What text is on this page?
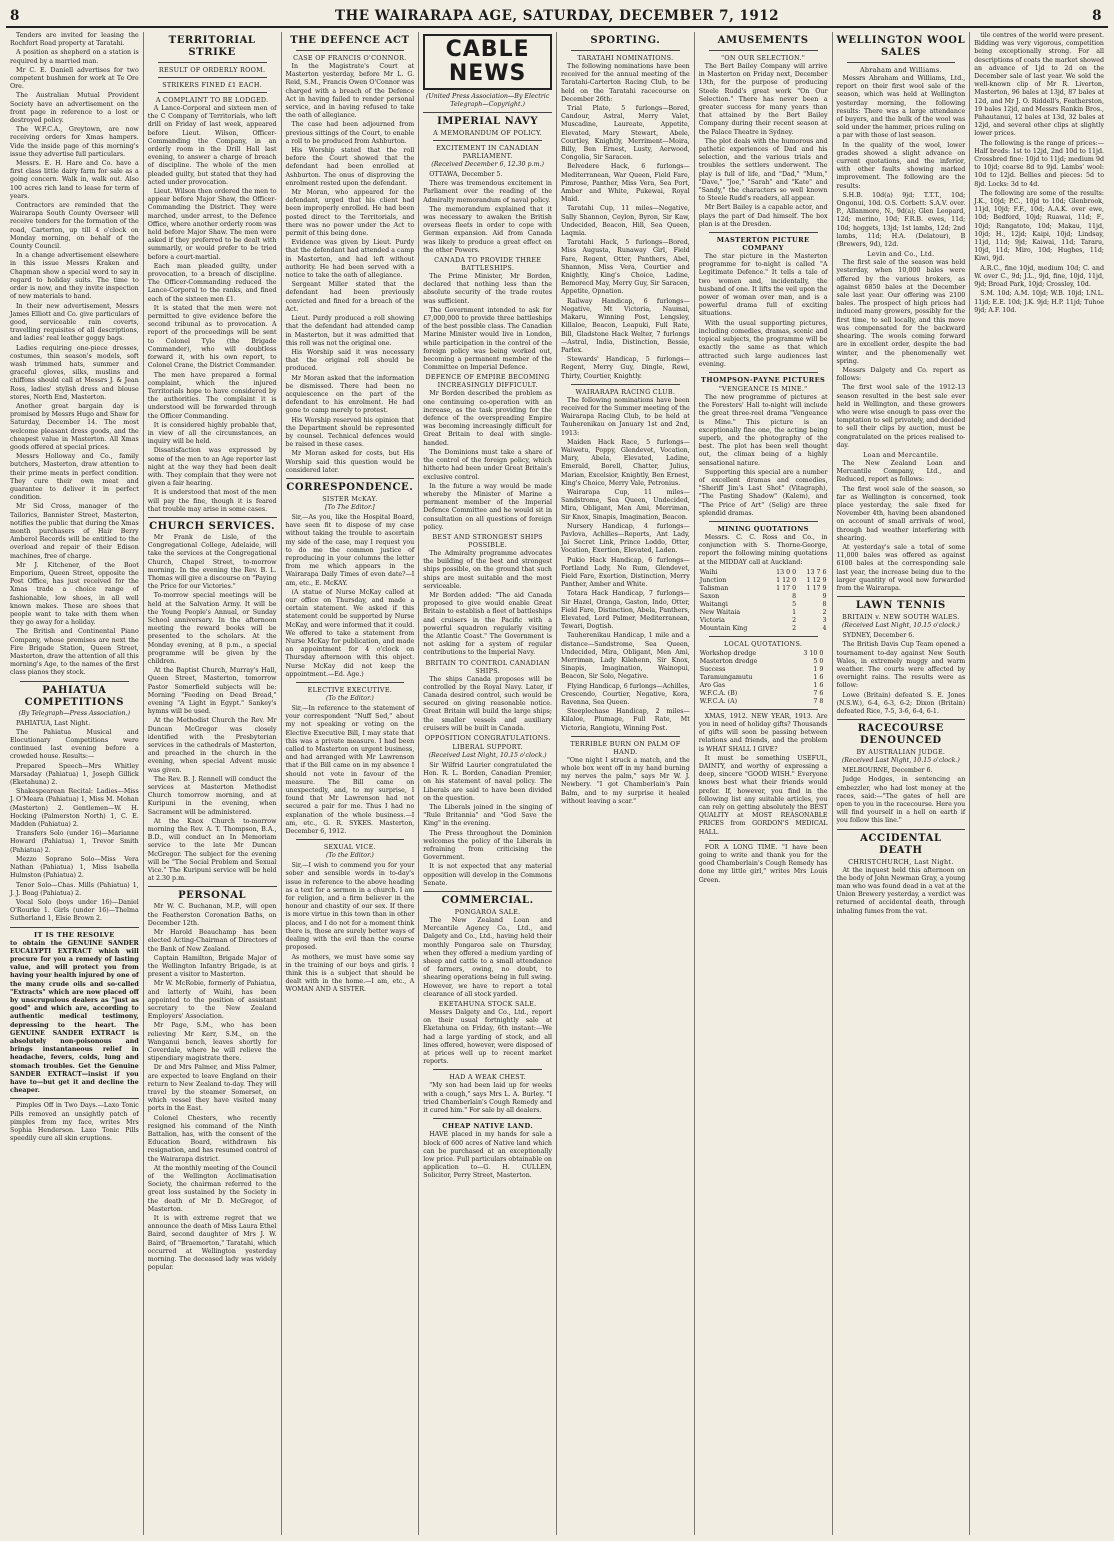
8	THE WAIRARAPA AGE, SATURDAY, DECEMBER 7, 1912	8

Tenders are invited for leasing the Rochfort Road property at Taratahi.

A position as shepherd on a station is required by a married man.

Mr C. E. Daniell advertises for two competent bushmen for work at Te Ore Ore.

The Australian Mutual Provident Society have an advertisement on the front page in reference to a lost or destroyed policy.

The W.F.C.A., Greytown, are now receiving orders for Xmas hampers. Vide the inside page of this morning's issue they advertise full particulars.

Messrs. E. H. Hare and Co. have a first class little dairy farm for sale as a going concern. Walk in, walk out. Also 100 acres rich land to lease for term of years.

Contractors are reminded that the Wairarapa South County Overseer will receive tenders for the formation of the road, Carterton, up till 4 o'clock on Monday morning, on behalf of the County Council.

In a change advertisement elsewhere in this issue Messrs Kraken and Chapman show a special word to say in regard to holiday suits. The time to order is now, and they invite inspection of new materials to hand.

In their new advertisement, Messrs James Elliott and Co. give particulars of good, serviceable rain coverts, travelling requisites of all descriptions, and ladies' real leather goggy bags.

Ladies requiring one-piece dresses, costumes, thin season's models, soft wash trimmed hats, summer and graceful gloves, silks, muslins and chiffons should call at Messrs J. & Jean Ross, ladies' stylish dress and blouse stores, North End, Masterton.

Another great bargain day is promised by Messrs Hugo and Shaw for Saturday, December 14. The most welcome pleasant dress goods, and the cheapest value in Masterton. All Xmas goods offered at special prices.

Messrs Holloway and Co., family butchers, Masterton, draw attention to their prime meats in perfect condition. They cure their own meat and guarantee to deliver it in perfect condition.

Mr Sid Cross, manager of the Tailorics, Bannister Street, Masterton, notifies the public that during the Xmas month purchasers of Hair Berry Amberol Records will be entitled to the overload and repair of their Edison machines, free of charge.

Mr J. Kitchener, of the Boot Emporium, Queen Street, opposite the Post Office, has just received for the Xmas trade a choice range of fashionable, low shoes, in all well known makes. These are shoes that people want to take with them when they go away for a holiday.

The British and Continental Piano Company, whose premises are next the Fire Brigade Station, Queen Street, Masterton, draw the attention of all this morning's Age, to the names of the first class pianos they stock.

PAHIATUA COMPETITIONS
(By Telegraph—Press Association.)

PAHIATUA, Last Night.

The Pahiatua Musical and Elocutionary Competitions were continued last evening before a crowded house. Results:—

Prepared Speech—Mrs Whitley Marsaday (Pahiatua) 1, Joseph Gillick (Eketahuna) 2.

Shakespearean Recital: Ladies—Miss J. O'Meara (Pahiatua) 1, Miss M. Mohan (Masterton) 2. Gentlemen—W. H. Hocking (Palmerston North) 1, C. E. Madden (Pahiatua) 2.

Transfers Solo (under 16)—Marianne Howard (Pahiatua) 1, Trevor Smith (Pahiatua) 2.

Mezzo Soprano Solo—Miss Vera Nathan (Pahiatua) 1, Miss Isabella Hulmston (Pahiatua) 2.

Tenor Solo—Chas. Mills (Pahiatua) 1, J. J. Boag (Pahiatua) 2.

Vocal Solo (boys under 16)—Daniel O'Rourke 1. Girls (under 16)—Thelma Sutherland 1, Elsie Brown 2.

IT IS THE RESOLVE

to obtain the GENUINE SANDER EUCALYPTI EXTRACT which will procure for you a remedy of lasting value, and will protect you from having your health injured by one of the many crude oils and so-called "Extracts" which are now placed off by unscrupulous dealers as "just as good" and which are, according to authentic medical testimony, depressing to the heart. The GENUINE SANDER EXTRACT is absolutely non-poisonous and brings instantaneous relief in headache, fevers, colds, lung and stomach troubles. Get the Genuine SANDER EXTRACT—insist if you have to—but get it and decline the cheaper.

Pimples Off in Two Days.—Laxo Tonic Pills removed an unsightly patch of pimples from my face, writes Mrs Sophia Henderson. Laxo Tonic Pills speedily cure all skin eruptions.

TERRITORIAL STRIKE
RESULT OF ORDERLY ROOM.
STRIKERS FINED £1 EACH.
A COMPLAINT TO BE LODGED.

A Lance-Corporal and sixteen men of the C Company of Territorials, who left drill on Friday of last week, appeared before Lieut. Wilson, Officer-Commanding the Company, in an orderly room in the Drill Hall last evening, to answer a charge of breach of discipline. The whole of the men pleaded guilty, but stated that they had acted under provocation.

Lieut. Wilson then ordered the men to appear before Major Shaw, the Officer-Commanding the District. They were marched, under arrest, to the Defence Office, where another orderly room was held before Major Shaw. The men were asked if they preferred to be dealt with summarily, or would prefer to be tried before a court-martial.

Each man pleaded guilty, under provocation, to a breach of discipline. The Officer-Commanding reduced the Lance-Corporal to the ranks, and fined each of the sixteen men £1.

It is stated that the men were not permitted to give evidence before the second tribunal as to provocation. A report of the proceedings will be sent to Colonel Tyle (the Brigade Commander), who will doubtless forward it, with his own report, to Colonel Crane, the District Commander.

The men have prepared a formal complaint, which the injured Territorials hope to have considered by the authorities. The complaint it is understood will be forwarded through the Officer Commanding.

It is considered highly probable that, in view of all the circumstances, an inquiry will be held.

Dissatisfaction was expressed by some of the men to an Age reporter last night at the way they had been dealt with. They complain that they were not given a fair hearing.

It is understood that most of the men will pay the fine, though it is feared that trouble may arise in some cases.

CHURCH SERVICES.

Mr Frank de Lisle, of the Congregational College, Adelaide, will take the services at the Congregational Church, Chapel Street, to-morrow morning. In the evening the Rev. B. L. Thomas will give a discourse on "Paying the Price for our Victories."

To-morrow special meetings will be held at the Salvation Army. It will be the Young People's Annual, or Sunday School anniversary. In the afternoon meeting the reward books will be presented to the scholars. At the Monday evening, at 8 p.m., a special programme will be given by the children.

At the Baptist Church, Murray's Hall, Queen Street, Masterton, tomorrow Pastor Somerfield subjects will be: Morning "Feeding on Dead Bread," evening "A Light in Egypt." Sankey's hymns will be used.

At the Methodist Church the Rev. Mr Duncan McGregor was closely identified with the Presbyterian services in the cathedrals of Masterton, and preached in the church in the evening, when special Advent music was given.

The Rev. B. J. Rennell will conduct the services at Masterton Methodist Church tomorrow morning, and at Kuripuni in the evening, when Sacrament will be administered.

At the Knox Church to-morrow morning the Rev. A. T. Thompson, B.A., B.D., will conduct an In Memoriam service to the late Mr Duncan McGregor. The subject for the evening will be "The Social Problem and Sexual Vice." The Kuripuni service will be held at 2.30 p.m.

PERSONAL

Mr W. C. Buchanan, M.P., will open the Featherston Coronation Baths, on December 12th.

Mr Harold Beauchamp has been elected Acting-Chairman of Directors of the Bank of New Zealand.

Captain Hamilton, Brigade Major of the Wellington Infantry Brigade, is at present a visitor to Masterton.

Mr W. McRobie, formerly of Pahiatua, and latterly of Waihi, has been appointed to the position of assistant secretary to the New Zealand Employers' Association.

Mr Page, S.M., who has been relieving Mr Kerr, S.M., on the Wanganui bench, leaves shortly for Coverdale, where he will relieve the stipendiary magistrate there.

Dr and Mrs Palmer, and Miss Palmer, are expected to leave England on their return to New Zealand to-day. They will travel by the steamer Somerset, on which vessel they have visited many ports in the East.

Colonel Chesters, who recently resigned his command of the Ninth Battalion, has, with the consent of the Education Board, withdrawn his resignation, and has resumed control of the Wairarapa district.

At the monthly meeting of the Council of the Wellington Acclimatisation Society, the chairman referred to the great loss sustained by the Society in the death of Mr D. McGregor, of Masterton.

It is with extreme regret that we announce the death of Miss Laura Ethel Baird, second daughter of Mrs J. W. Baird, of "Braemorton," Taratahi, which occurred at Wellington yesterday morning. The deceased lady was widely popular.

THE DEFENCE ACT
CASE OF FRANCIS O'CONNOR.

In the Magistrate's Court at Masterton yesterday, before Mr L. G. Reid, S.M., Francis Owen O'Connor was charged with a breach of the Defence Act in having failed to render personal service, and in having refused to take the oath of allegiance.

The case had been adjourned from previous sittings of the Court, to enable a roll to be produced from Ashburton.

His Worship stated that the roll before the Court showed that the defendant had been enrolled at Ashburton. The onus of disproving the enrolment rested upon the defendant.

Mr Moran, who appeared for the defendant, urged that his client had been improperly enrolled. He had been posted direct to the Territorials, and there was no power under the Act to permit of this being done.

Evidence was given by Lieut. Purdy that the defendant had attended a camp in Masterton, and had left without authority. He had been served with a notice to take the oath of allegiance.

Sergeant Miller stated that the defendant had been previously convicted and fined for a breach of the Act.

Lieut. Purdy produced a roll showing that the defendant had attended camp in Masterton, but it was admitted that this roll was not the original one.

His Worship said it was necessary that the original roll should be produced.

Mr Moran asked that the information be dismissed. There had been no acquiescence on the part of the defendant to his enrolment. He had gone to camp merely to protest.

His Worship reserved his opinion that the Department should be represented by counsel. Technical defences would be raised in these cases.

Mr Moran asked for costs, but His Worship said this question would be considered later.

CORRESPONDENCE.
SISTER McKAY.
[To The Editor.]

Sir,—As you, like the Hospital Board, have seen fit to dispose of my case without taking the trouble to ascertain my side of the case, may I request you to do me the common justice of reproducing in your columns the letter from me which appears in the Wairarapa Daily Times of even date?—I am, etc., E. McKAY.

(A statue of Nurse McKay called at our office on Thursday, and made a certain statement. We asked if this statement could be supported by Nurse McKay, and were informed that it could. We offered to take a statement from Nurse McKay for publication, and made an appointment for 4 o'clock on Thursday afternoon with this object. Nurse McKay did not keep the appointment.—Ed. Age.)

ELECTIVE EXECUTIVE.
(To the Editor.)

Sir,—In reference to the statement of your correspondent "Nuff Sed," about my not speaking or voting on the Elective Executive Bill, I may state that this was a private measure. I had been called to Masterton on urgent business, and had arranged with Mr Lawrenson that if the Bill came on in my absence I should not vote in favour of the measure. The Bill came on unexpectedly, and, to my surprise, I found that Mr Lawrenson had not secured a pair for me. Thus I had no explanation of the whole business.—I am, etc., G. R. SYKES. Masterton, December 6, 1912.

SEXUAL VICE.
(To the Editor.)

Sir,—I wish to commend you for your sober and sensible words in to-day's issue in reference to the above heading as a text for a sermon in a church. I am for religion, and a firm believer in the honour and chastity of our sex. If there is more virtue in this town than in other places, and I do not for a moment think there is, those are surely better ways of dealing with the evil than the course proposed.

As mothers, we must have some say in the training of our boys and girls. I think this is a subject that should be dealt with in the home.—I am, etc., A WOMAN AND A SISTER.

CABLE NEWS
(United Press Association—By Electric Telegraph—Copyright.)
IMPERIAL NAVY
A MEMORANDUM OF POLICY.
EXCITEMENT IN CANADIAN PARLIAMENT.
(Received December 6, 12.30 p.m.)

OTTAWA, December 5.

There was tremendous excitement in Parliament over the reading of the Admiralty memorandum of naval policy.

The memorandum explained that it was necessary to awaken the British overseas fleets in order to cope with German expansion. Aid from Canada was likely to produce a great effect on the other Powers.

CANADA TO PROVIDE THREE BATTLESHIPS.

The Prime Minister, Mr Borden, declared that nothing less than the absolute security of the trade routes was sufficient.

The Government intended to ask for £7,000,000 to provide three battleships of the best possible class. The Canadian Marine Minister would live in London, while participation in the control of the foreign policy was being worked out, becoming a permanent member of the Committee on Imperial Defence.

DEFENCE OF EMPIRE BECOMING INCREASINGLY DIFFICULT.

Mr Borden described the problem as one continuing co-operation with an increase, as the task providing for the defence of the overspreading Empire was becoming increasingly difficult for Great Britain to deal with single-handed.

The Dominions must take a share of the control of the foreign policy, which hitherto had been under Great Britain's exclusive control.

In the future a way would be made whereby the Minister of Marine a permanent member of the Imperial Defence Committee and he would sit in consultation on all questions of foreign policy.

BEST AND STRONGEST SHIPS POSSIBLE.

The Admiralty programme advocates the building of the best and strongest ships possible, on the ground that such ships are most suitable and the most serviceable.

Mr Borden added: "The aid Canada proposed to give would enable Great Britain to establish a fleet of battleships and cruisers in the Pacific with a powerful squadron regularly visiting the Atlantic Coast." The Government is not asking for a system of regular contributions to the Imperial Navy.

BRITAIN TO CONTROL CANADIAN SHIPS.

The ships Canada proposes will be controlled by the Royal Navy. Later, if Canada desired control, such would be secured on giving reasonable notice. Great Britain will build the large ships; the smaller vessels and auxiliary cruisers will be built in Canada.

OPPOSITION CONGRATULATIONS.
LIBERAL SUPPORT.
(Received Last Night, 10.15 o'clock.)

Sir Wilfrid Laurier congratulated the Hon. R. L. Borden, Canadian Premier, on his statement of naval policy. The Liberals are said to have been divided on the question.

The Liberals joined in the singing of "Rule Britannia" and "God Save the King" in the evening.

The Press throughout the Dominion welcomes the policy of the Liberals in refraining from criticising the Government.

It is not expected that any material opposition will develop in the Commons Senate.

COMMERCIAL.
PONGAROA SALE.

The New Zealand Loan and Mercantile Agency Co., Ltd., and Dalgety and Co., Ltd., having held their monthly Pongaroa sale on Thursday, when they offered a medium yarding of sheep and cattle to a small attendance of farmers, owing, no doubt, to shearing operations being in full swing. However, we have to report a total clearance of all stock yarded.

EKETAHUNA STOCK SALE.

Messrs Dalgety and Co., Ltd., report on their usual fortnightly sale at Eketahuna on Friday, 6th instant:—We had a large yarding of stock, and all lines offered, however, were disposed of at prices well up to recent market reports.

HAD A WEAK CHEST.

"My son had been laid up for weeks with a cough," says Mrs L. A. Burley. "I tried Chamberlain's Cough Remedy and it cured him." For sale by all dealers.

CHEAP NATIVE LAND.

HAVE placed in my hands for sale a block of 600 acres of Native land which can be purchased at an exceptionally low price. Full particulars obtainable on application to—G. H. CULLEN, Solicitor, Perry Street, Masterton.

SPORTING.
TARATAHI NOMINATIONS.

The following nominations have been received for the annual meeting of the Taratahi-Carterton Racing Club, to be held on the Taratahi racecourse on December 26th:

Trial Plate, 5 furlongs—Bored, Candour, Astral, Merry Valet, Muscadine, Laureate, Appetite, Elevated, Mary Stewart, Abele, Courtley, Knightly, Merriment—Moira, Billy, Ben Ernest, Lusty, Aerwood, Congolia, Sir Saracen.

Belvedere Hack, 6 furlongs—Mediterranean, War Queen, Field Fare, Pimrose, Panther, Miss Vera, Sea Port, Amber and White, Pukewai, Royal Maid.

Taratahi Cup, 11 miles—Negative, Sally Shannon, Ceylon, Byron, Sir Kaw, Undecided, Beacon, Hill, Sea Queen, Laqmia.

Taratahi Hack, 5 furlongs—Bored, Miss Augusta, Runaway Girl, Field Fare, Regent, Otter, Panthers, Abel, Shannon, Miss Vera, Courtier and Knightly, King's Choice, Ladine, Bemorecd May, Merry Guy, Sir Saracen, Appetite, Opnation.

Railway Handicap, 6 furlongs—Negative, Mt Victoria, Naumai, Makaru, Winning Post, Lengsley, Killaloe, Beacon, Leapuki, Full Rate, Bill, Gladstone Hack Welter, 7 furlongs—Astral, India, Distinction, Bessie, Parlex.

Stewards' Handicap, 5 furlongs—Regent, Merry Guy, Dingle, Rewi, Thirty, Courtier, Knightly.

WAIRARAPA RACING CLUB.

The following nominations have been received for the Summer meeting of the Wairarapa Racing Club, to be held at Tauherenikau on January 1st and 2nd, 1913:

Maiden Hack Race, 5 furlongs—Waiwetu, Poppy, Glendevet, Vocation, Mary, Abela, Elevated, Ladine, Emerald, Borell, Chatter, Julius, Marian, Excelsior, Knightly, Ben Ernest, King's Choice, Merry Vale, Petronius.

Wairarapa Cup, 11 miles—Sandstrome, Sea Queen, Undecided, Mira, Obligant, Men Ami, Merriman, Sir Knox, Sinapis, Imagination, Beacon.

Nursery Handicap, 4 furlongs—Pavlova, Achilles—Reports, Ant Lady, Jai Secret Link, Prince Loddo, Otter, Vocation, Exertion, Elevated, Laden.

Pukio Hack Handicap, 6 furlongs—Portland Lady, No Rum, Glendevet, Field Fare, Exertion, Distinction, Merry Panther, Amber and White.

Totara Hack Handicap, 7 furlongs—Sir Hazel, Oranga, Gaston, Indo, Otter, Field Fare, Distinction, Abela, Panthers, Elevated, Lord Palmer, Mediterranean, Tewari, Dogtish.

Tauherenikau Handicap, 1 mile and a distance—Sandstrome, Sea Queen, Undecided, Mira, Obligant, Men Ami, Merriman, Lady Kilehenn, Sir Knox, Sinapis, Imagination, Wainopui, Beacon, Sir Solo, Negative.

Flying Handicap, 6 furlongs—Achilles, Crescendo, Courtier, Negative, Kora, Ravenna, Sea Queen.

Steeplechase Handicap, 2 miles—Kilaloe, Plumage, Full Rate, Mt Victoria, Rangiotu, Winning Post.

TERRIBLE BURN ON PALM OF HAND.

"One night I struck a match, and the whole box went off in my hand burning my nerves the palm," says Mr W. J. Newbery. "I got Chamberlain's Pain Balm, and to my surprise it healed without leaving a scar."

AMUSEMENTS
"ON OUR SELECTION."

The Bert Bailey Company will arrive in Masterton on Friday next, December 13th, for the purpose of producing Steele Rudd's great work "On Our Selection." There has never been a greater success for many years than that attained by the Bert Bailey Company during their recent season at the Palace Theatre in Sydney.

The plot deals with the humorous and pathetic experiences of Dad and his selection, and the various trials and troubles the settlers underwent. The play is full of life, and "Dad," "Mum," "Dave," "Joe," "Sarah" and "Kate" and "Sandy," the characters so well known to Steele Rudd's readers, all appear.

Mr Bert Bailey is a capable actor, and plays the part of Dad himself. The box plan is at the Dresden.

MASTERTON PICTURE COMPANY

The star picture in the Masterton programme for to-night is called "A Legitimate Defence." It tells a tale of two women and, incidentally, the husband of one. It lifts the veil upon the power of woman over man, and is a powerful drama full of exciting situations.

With the usual supporting pictures, including comedies, dramas, scenic and topical subjects, the programme will be exactly the same as that which attracted such large audiences last evening.

THOMPSON-PAYNE PICTURES
"VENGEANCE IS MINE."

The new programme of pictures at the Foresters' Hall to-night will include the great three-reel drama "Vengeance is Mine." This picture is an exceptionally fine one, the acting being superb, and the photography of the best. The plot has been well thought out, the climax being of a highly sensational nature.

Supporting this special are a number of excellent dramas and comedies, "Sheriff Jim's Last Shot" (Vitagraph), "The Pasting Shadow" (Kalem), and "The Price of Art" (Selig) are three splendid dramas.

MINING QUOTATIONS

Messrs. C. C. Ross and Co., in conjunction with S. Thorne-George, report the following mining quotations at the MIDDAY call at Auckland:

Waihi	13 0 0	13 7 6
Junction	1 12 0	1 12 9
Talisman	1 17 0	1 17 9
Saxon	8	9
Waitangi	5	8
New Waitaia	1	2
Victoria	2	3
Mountain King	2	4
LOCAL QUOTATIONS.
Workshop dredge	3 10 0	
Masterton dredge	5 0	
Success	1 9	
Taramungamutu	1 6	
Aro Gas	1 6	
W.F.C.A. (B)	7 6	
W.F.C.A. (A)	7 8	

XMAS, 1912. NEW YEAR, 1913. Are you in need of holiday gifts? Thousands of gifts will soon be passing between relations and friends, and the problem is WHAT SHALL I GIVE?

It must be something USEFUL, DAINTY, and worthy of expressing a deep, sincere "GOOD WISH." Everyone knows best what their friends would prefer. If, however, you find in the following list any suitable articles, you can rely on getting absolutely the BEST QUALITY at MOST REASONABLE PRICES from GORDON'S MEDICAL HALL.

FOR A LONG TIME. "I have been going to write and thank you for the good Chamberlain's Cough Remedy has done my little girl," writes Mrs Louis Green.

WELLINGTON WOOL SALES
Abraham and Williams.

Messrs Abraham and Williams, Ltd., report on their first wool sale of the season, which was held at Wellington yesterday morning, the following results: There was a large attendance of buyers, and the bulk of the wool was sold under the hammer, prices ruling on a par with those of last season.

In the quality of the wool, lower grades showed a slight advance on current quotations, and the inferior, with other faults showing marked improvement. The following are the results:

S.H.B. 10d(a) 9jd; T.T.T., 10d; Ongonui, 10d. O.S. Corbett: S.A.V. over. P., Allanmore, N., 9d(a); Glen Leopard, 12d; merino, 10d; F.R.B. ewes, 11d; 10d; hoggets, 13jd; 1st lambs, 12d; 2nd lambs, 11d; H.A. (Delatour), B (Brewers, 9d), 12d.

Levin and Co., Ltd.

The first sale of the season was held yesterday, when 10,000 bales were offered by the various brokers, as against 6850 bales at the December sale last year. Our offering was 2100 bales. The prospect of high prices had induced many growers, possibly for the first time, to sell locally, and this move was compensated for the backward shearing. The wools coming forward are in excellent order, despite the bad winter, and the phenomenally wet spring.

Messrs Dalgety and Co. report as follows:

The first wool sale of the 1912-13 season resulted in the best sale ever held in Wellington, and these growers who were wise enough to pass over the temptation to sell privately, and decided to sell their clips by auction, must be congratulated on the prices realised to-day.

Loan and Mercantile.

The New Zealand Loan and Mercantile Company, Ltd., and Reduced, report as follows:

The first wool sale of the season, so far as Wellington is concerned, took place yesterday, the sale fixed for November 4th, having been abandoned on account of small arrivals of wool, through bad weather interfering with shearing.

At yesterday's sale a total of some 11,000 bales was offered as against 6100 bales at the corresponding sale last year, the increase being due to the larger quantity of wool now forwarded from the Wairarapa.

LAWN TENNIS
BRITAIN v. NEW SOUTH WALES.
(Received Last Night, 10.15 o'clock.)

SYDNEY, December 6.

The British Davis Cup Team opened a tournament to-day against New South Wales, in extremely muggy and warm weather. The courts were affected by overnight rains. The results were as follow:

Lowe (Britain) defeated S. E. Jones (N.S.W.), 6-4, 6-3, 6-2; Dixon (Britain) defeated Rice, 7-5, 3-6, 6-4, 6-1.

RACECOURSE DENOUNCED
BY AUSTRALIAN JUDGE.
(Received Last Night, 10.15 o'clock.)

MELBOURNE, December 6.

Judge Hodges, in sentencing an embezzler, who had lost money at the races, said:—"The gates of hell are open to you in the racecourse. Here you will find yourself in a hell on earth if you follow this line."

ACCIDENTAL DEATH
CHRISTCHURCH, Last Night.

At the inquest held this afternoon on the body of John Newman Gray, a young man who was found dead in a vat at the Union Brewery yesterday, a verdict was returned of accidental death, through inhaling fumes from the vat.

tile centres of the world were present. Bidding was very vigorous, competition being exceptionally strong. For all descriptions of coats the market showed an advance of 1jd to 2d on the December sale of last year. We sold the well-known clip of Mr R. Liverton, Masterton, 96 bales at 13jd, 87 bales at 12d, and Mr J. O. Riddell's, Featherston, 19 bales 12jd, and Messrs Rankin Bros., Pahautanui, 12 bales at 13d, 32 bales at 12jd, and several other clips at slightly lower prices.

The following is the range of prices:—Half breds: 1st to 12jd, 2nd 10d to 11jd. Crossbred fine: 10jd to 11jd; medium 9d to 10jd; coarse 8d to 9jd. Lambs' wool: 10d to 12jd. Bellies and pieces: 5d to 8jd. Locks: 3d to 4d.

The following are some of the results: J.K., 10jd; P.C., 10jd to 10d; Glenbrook, 11jd, 10jd; F.F., 10d; A.A.K. over ewe, 10d; Bedford, 10jd; Ruawai, 11d; F., 10jd; Rangatoto, 10d; Makau, 11jd, 10jd; H., 12jd; Kaipi, 10jd; Lindsay, 11jd, 11d; 9jd; Kaiwai, 11d; Tararu, 10jd, 11d; Miro, 10d; Hughes, 11d; Kiwi, 9jd.

A.R.C., fine 10jd, medium 10d; C. and W. over C., 9d; J.L., 9jd, fine, 10jd, 11jd, 9jd; Broad Park, 10jd; Crossley, 10d.

S.M. 10d; A.M. 10jd; W.B. 10jd; I.N.L. 11jd; E.E. 10d; J.K. 9jd; H.P. 11jd; Tuhoe 9jd; A.F. 10d.
